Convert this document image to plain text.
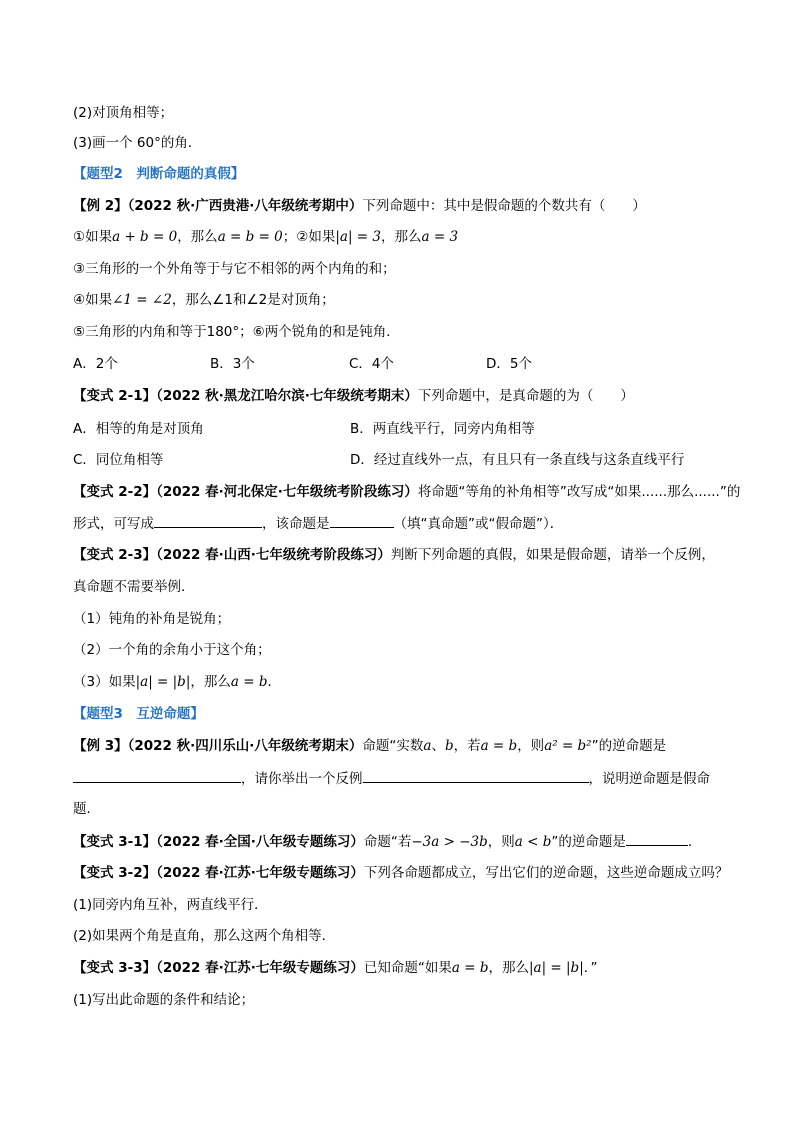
(2)对顶角相等；
(3)画一个 60°的角．
【题型2　判断命题的真假】
【例 2】（2022 秋·广西贵港·八年级统考期中）下列命题中：其中是假命题的个数共有（　　）
①如果a + b = 0，那么a = b = 0；②如果|a| = 3，那么a = 3
③三角形的一个外角等于与它不相邻的两个内角的和；
④如果∠1 = ∠2，那么∠1和∠2是对顶角；
⑤三角形的内角和等于180°；⑥两个锐角的和是钝角．
A．2个	B．3个	C．4个	D．5个
【变式 2-1】（2022 秋·黑龙江哈尔滨·七年级统考期末）下列命题中，是真命题的为（　　）
A．相等的角是对顶角	B．两直线平行，同旁内角相等
C．同位角相等	D．经过直线外一点，有且只有一条直线与这条直线平行
【变式 2-2】（2022 春·河北保定·七年级统考阶段练习）将命题“等角的补角相等”改写成“如果......那么......”的
形式，可写成	，该命题是	（填“真命题”或“假命题”）．
【变式 2-3】（2022 春·山西·七年级统考阶段练习）判断下列命题的真假，如果是假命题，请举一个反例，
真命题不需要举例．
（1）钝角的补角是锐角；
（2）一个角的余角小于这个角；
（3）如果|a| = |b|，那么a = b．
【题型3　互逆命题】
【例 3】（2022 秋·四川乐山·八年级统考期末）命题“实数a、b，若a = b，则a² = b²”的逆命题是
，请你举出一个反例	，说明逆命题是假命
题．
【变式 3-1】（2022 春·全国·八年级专题练习）命题“若−3a > −3b，则a < b”的逆命题是	．
【变式 3-2】（2022 春·江苏·七年级专题练习）下列各命题都成立，写出它们的逆命题，这些逆命题成立吗？
(1)同旁内角互补，两直线平行．
(2)如果两个角是直角，那么这两个角相等．
【变式 3-3】（2022 春·江苏·七年级专题练习）已知命题“如果a = b，那么|a| = |b|．”
(1)写出此命题的条件和结论；
